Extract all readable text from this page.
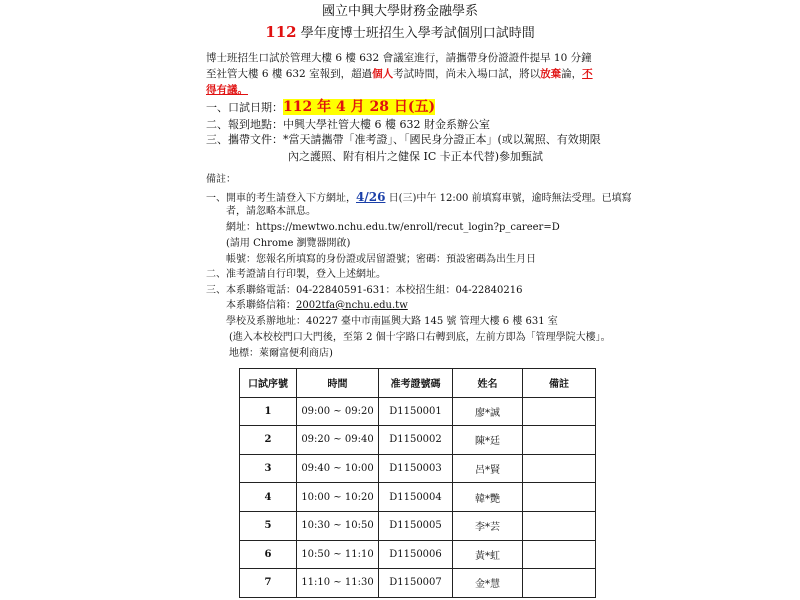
國立中興大學財務金融學系
112 學年度博士班招生入學考試個別口試時間
博士班招生口試於管理大樓 6 樓 632 會議室進行，請攜帶身份證證件提早 10 分鐘
至社管大樓 6 樓 632 室報到，超過個人考試時間，尚未入場口試，將以放棄論，不
得有議。
一、口試日期：112 年 4 月 28 日(五)
二、報到地點：中興大學社管大樓 6 樓 632 財金系辦公室
三、攜帶文件：*當天請攜帶「准考證」、「國民身分證正本」(或以駕照、有效期限
內之護照、附有相片之健保 IC 卡正本代替)參加甄試
備註：
一、開車的考生請登入下方網址，4/26 日(三)中午 12:00 前填寫車號，逾時無法受理。已填寫
者，請忽略本訊息。
網址：https://mewtwo.nchu.edu.tw/enroll/recut_login?p_career=D
(請用 Chrome 瀏覽器開啟)
帳號：您報名所填寫的身份證或居留證號；密碼：預設密碼為出生月日
二、准考證請自行印製，登入上述網址。
三、本系聯絡電話：04-22840591-631：本校招生組：04-22840216
本系聯絡信箱：2002tfa@nchu.edu.tw
學校及系辦地址：40227 臺中市南區興大路 145 號 管理大樓 6 樓 631 室
(進入本校校門口大門後，至第 2 個十字路口右轉到底，左前方即為「管理學院大樓」。
地標：萊爾富便利商店)
口試序號	時間	准考證號碼	姓名	備註
1	09:00 ~ 09:20	D1150001	廖*誠	
2	09:20 ~ 09:40	D1150002	陳*廷	
3	09:40 ~ 10:00	D1150003	呂*賢	
4	10:00 ~ 10:20	D1150004	韓*艷	
5	10:30 ~ 10:50	D1150005	李*芸	
6	10:50 ~ 11:10	D1150006	黃*虹	
7	11:10 ~ 11:30	D1150007	金*慧	
